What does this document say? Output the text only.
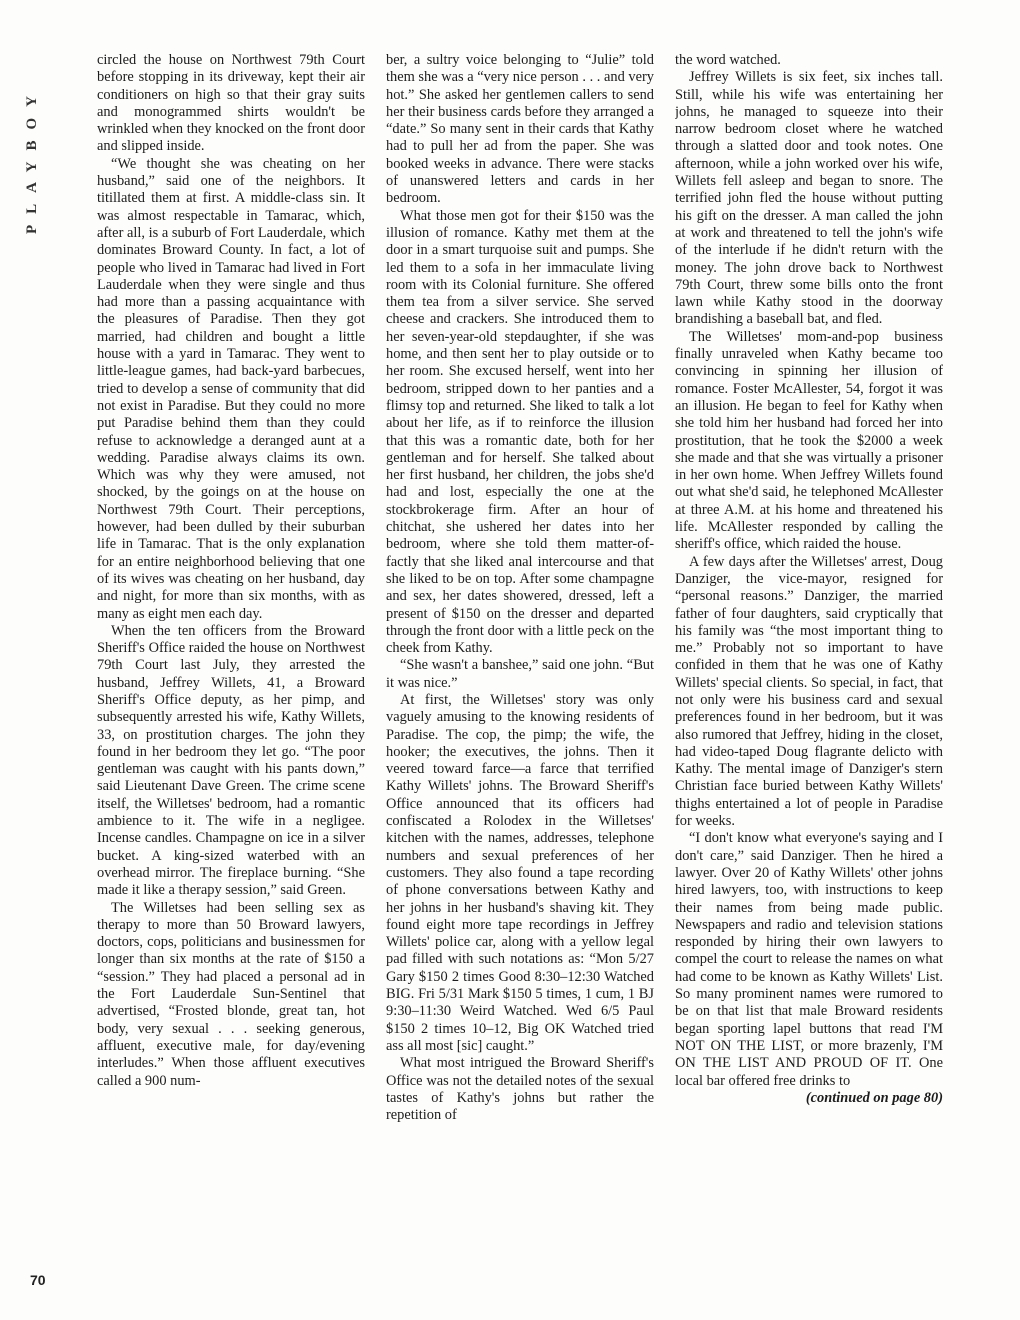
PLAYBOY

circled the house on Northwest 79th Court before stopping in its driveway, kept their air conditioners on high so that their gray suits and monogrammed shirts wouldn't be wrinkled when they knocked on the front door and slipped inside.

“We thought she was cheating on her husband,” said one of the neighbors. It titillated them at first. A middle-class sin. It was almost respectable in Tamarac, which, after all, is a suburb of Fort Lauderdale, which dominates Broward County. In fact, a lot of people who lived in Tamarac had lived in Fort Lauderdale when they were single and thus had more than a passing acquaintance with the pleasures of Paradise. Then they got married, had children and bought a little house with a yard in Tamarac. They went to little-league games, had back-yard barbecues, tried to develop a sense of community that did not exist in Paradise. But they could no more put Paradise behind them than they could refuse to acknowledge a deranged aunt at a wedding. Paradise always claims its own. Which was why they were amused, not shocked, by the goings on at the house on Northwest 79th Court. Their perceptions, however, had been dulled by their suburban life in Tamarac. That is the only explanation for an entire neighborhood believing that one of its wives was cheating on her husband, day and night, for more than six months, with as many as eight men each day.

When the ten officers from the Broward Sheriff's Office raided the house on Northwest 79th Court last July, they arrested the husband, Jeffrey Willets, 41, a Broward Sheriff's Office deputy, as her pimp, and subsequently arrested his wife, Kathy Willets, 33, on prostitution charges. The john they found in her bedroom they let go. “The poor gentleman was caught with his pants down,” said Lieutenant Dave Green. The crime scene itself, the Willetses' bedroom, had a romantic ambience to it. The wife in a negligee. Incense candles. Champagne on ice in a silver bucket. A king-sized waterbed with an overhead mirror. The fireplace burning. “She made it like a therapy session,” said Green.

The Willetses had been selling sex as therapy to more than 50 Broward lawyers, doctors, cops, politicians and businessmen for longer than six months at the rate of $150 a “session.” They had placed a personal ad in the Fort Lauderdale Sun-Sentinel that advertised, “Frosted blonde, great tan, hot body, very sexual . . . seeking generous, affluent, executive male, for day/evening interludes.” When those affluent executives called a 900 num-

ber, a sultry voice belonging to “Julie” told them she was a “very nice person . . . and very hot.” She asked her gentlemen callers to send her their business cards before they arranged a “date.” So many sent in their cards that Kathy had to pull her ad from the paper. She was booked weeks in advance. There were stacks of unanswered letters and cards in her bedroom.

What those men got for their $150 was the illusion of romance. Kathy met them at the door in a smart turquoise suit and pumps. She led them to a sofa in her immaculate living room with its Colonial furniture. She offered them tea from a silver service. She served cheese and crackers. She introduced them to her seven-year-old stepdaughter, if she was home, and then sent her to play outside or to her room. She excused herself, went into her bedroom, stripped down to her panties and a flimsy top and returned. She liked to talk a lot about her life, as if to reinforce the illusion that this was a romantic date, both for her gentleman and for herself. She talked about her first husband, her children, the jobs she'd had and lost, especially the one at the stockbrokerage firm. After an hour of chitchat, she ushered her dates into her bedroom, where she told them matter-of-factly that she liked anal intercourse and that she liked to be on top. After some champagne and sex, her dates showered, dressed, left a present of $150 on the dresser and departed through the front door with a little peck on the cheek from Kathy.

“She wasn't a banshee,” said one john. “But it was nice.”

At first, the Willetses' story was only vaguely amusing to the knowing residents of Paradise. The cop, the pimp; the wife, the hooker; the executives, the johns. Then it veered toward farce—a farce that terrified Kathy Willets' johns. The Broward Sheriff's Office announced that its officers had confiscated a Rolodex in the Willetses' kitchen with the names, addresses, telephone numbers and sexual preferences of her customers. They also found a tape recording of phone conversations between Kathy and her johns in her husband's shaving kit. They found eight more tape recordings in Jeffrey Willets' police car, along with a yellow legal pad filled with such notations as: “Mon 5/27 Gary $150 2 times Good 8:30–12:30 Watched BIG. Fri 5/31 Mark $150 5 times, 1 cum, 1 BJ 9:30–11:30 Weird Watched. Wed 6/5 Paul $150 2 times 10–12, Big OK Watched tried ass all most [sic] caught.”

What most intrigued the Broward Sheriff's Office was not the detailed notes of the sexual tastes of Kathy's johns but rather the repetition of

the word watched.

Jeffrey Willets is six feet, six inches tall. Still, while his wife was entertaining her johns, he managed to squeeze into their narrow bedroom closet where he watched through a slatted door and took notes. One afternoon, while a john worked over his wife, Willets fell asleep and began to snore. The terrified john fled the house without putting his gift on the dresser. A man called the john at work and threatened to tell the john's wife of the interlude if he didn't return with the money. The john drove back to Northwest 79th Court, threw some bills onto the front lawn while Kathy stood in the doorway brandishing a baseball bat, and fled.

The Willetses' mom-and-pop business finally unraveled when Kathy became too convincing in spinning her illusion of romance. Foster McAllester, 54, forgot it was an illusion. He began to feel for Kathy when she told him her husband had forced her into prostitution, that he took the $2000 a week she made and that she was virtually a prisoner in her own home. When Jeffrey Willets found out what she'd said, he telephoned McAllester at three A.M. at his home and threatened his life. McAllester responded by calling the sheriff's office, which raided the house.

A few days after the Willetses' arrest, Doug Danziger, the vice-mayor, resigned for “personal reasons.” Danziger, the married father of four daughters, said cryptically that his family was “the most important thing to me.” Probably not so important to have confided in them that he was one of Kathy Willets' special clients. So special, in fact, that not only were his business card and sexual preferences found in her bedroom, but it was also rumored that Jeffrey, hiding in the closet, had video-taped Doug flagrante delicto with Kathy. The mental image of Danziger's stern Christian face buried between Kathy Willets' thighs entertained a lot of people in Paradise for weeks.

“I don't know what everyone's saying and I don't care,” said Danziger. Then he hired a lawyer. Over 20 of Kathy Willets' other johns hired lawyers, too, with instructions to keep their names from being made public. Newspapers and radio and television stations responded by hiring their own lawyers to compel the court to release the names on what had come to be known as Kathy Willets' List. So many prominent names were rumored to be on that list that male Broward residents began sporting lapel buttons that read I'M NOT ON THE LIST, or more brazenly, I'M ON THE LIST AND PROUD OF IT. One local bar offered free drinks to

(continued on page 80)
70
